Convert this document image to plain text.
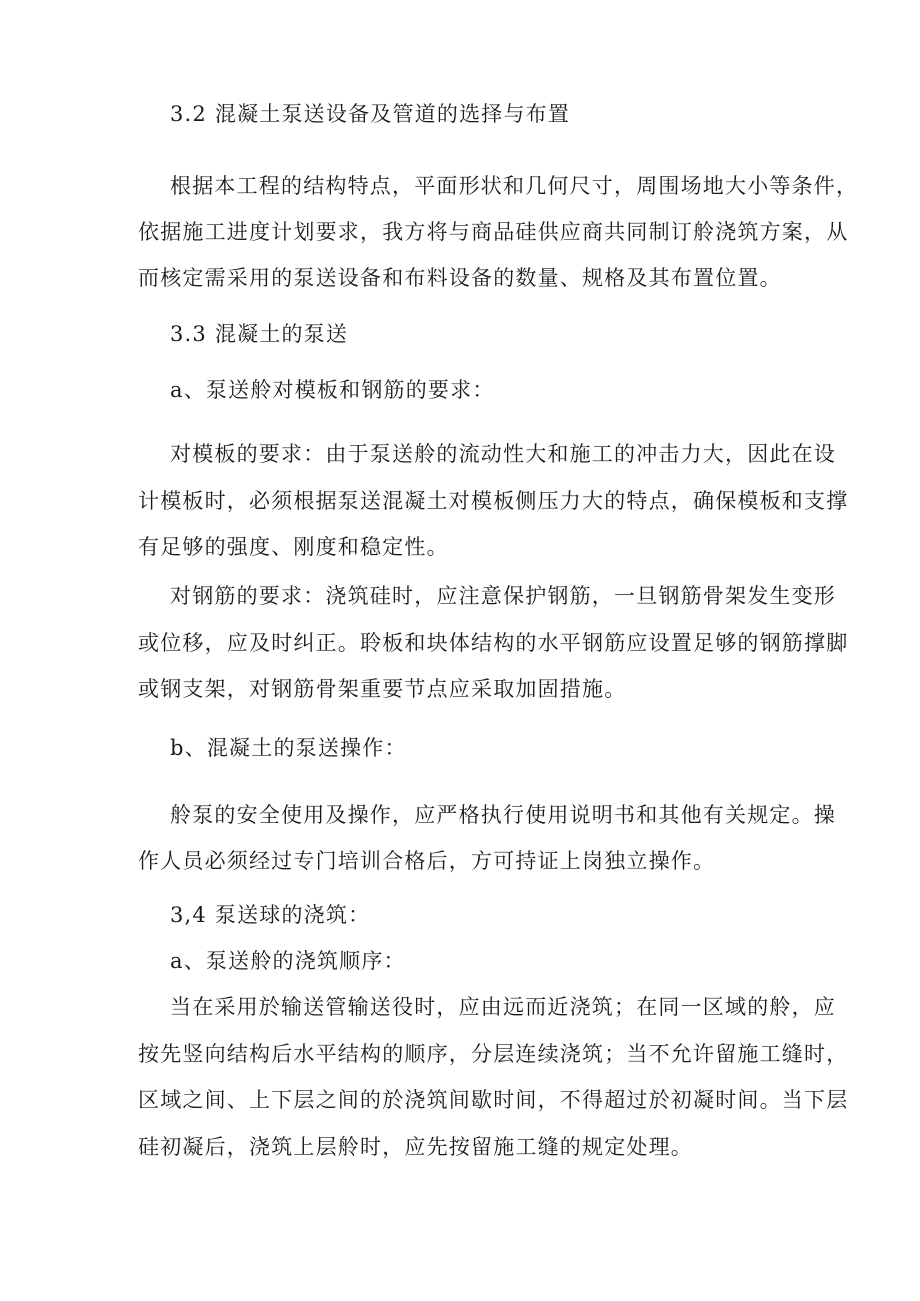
3.2 混凝土泵送设备及管道的选择与布置
根据本工程的结构特点，平面形状和几何尺寸，周围场地大小等条件，
依据施工进度计划要求，我方将与商品硅供应商共同制订舲浇筑方案，从
而核定需采用的泵送设备和布料设备的数量、规格及其布置位置。
3.3 混凝土的泵送
a、泵送舲对模板和钢筋的要求：
对模板的要求：由于泵送舲的流动性大和施工的冲击力大，因此在设
计模板时，必须根据泵送混凝土对模板侧压力大的特点，确保模板和支撑
有足够的强度、刚度和稳定性。
对钢筋的要求：浇筑硅时，应注意保护钢筋，一旦钢筋骨架发生变形
或位移，应及时纠正。聆板和块体结构的水平钢筋应设置足够的钢筋撑脚
或钢支架，对钢筋骨架重要节点应采取加固措施。
b、混凝土的泵送操作：
舲泵的安全使用及操作，应严格执行使用说明书和其他有关规定。操
作人员必须经过专门培训合格后，方可持证上岗独立操作。
3,4 泵送球的浇筑：
a、泵送舲的浇筑顺序：
当在采用於输送管输送役时，应由远而近浇筑；在同一区域的舲，应
按先竖向结构后水平结构的顺序，分层连续浇筑；当不允许留施工缝时，
区域之间、上下层之间的於浇筑间歇时间，不得超过於初凝时间。当下层
硅初凝后，浇筑上层舲时，应先按留施工缝的规定处理。
